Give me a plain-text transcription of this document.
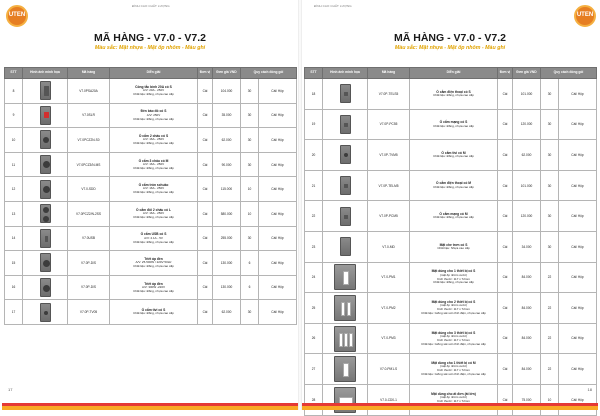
UTEN
ĐỈNH CAO CHẤT LƯỢNG
MÃ HÀNG - V7.0 - V7.2
Màu sắc: Mặt nhựa - Mặt ốp nhôm - Màu ghi
STT	Hình ảnh minh họa	Mã hàng	Diễn giải	Đơn vị	Đơn giá VND	Quy cách đóng gói	
8		V7.0PSA20A	Công tắc bình 20A có S
A/V: 20A - 250V
Chất liệu: Đồng, nhựa cao cấp	Cái	104.000	30	Cái/ Hộp
9		V7.0SLR	Đèn báo đỏ có S
A/V: 250V
Chất liệu: Đồng, nhựa cao cấp	Cái	35.000	30	Cái/ Hộp
10		V7.0PCZ2N-S0	Ổ cắm 2 chấu có S
A/V: 16A - 250V
Chất liệu: Đồng, nhựa cao cấp	Cái	62.000	30	Cái/ Hộp
11		V7.0PCZ3/N-MS	Ổ cắm 3 chấu có M
A/V: 16A - 250V
Chất liệu: Đồng, nhựa cao cấp	Cái	90.000	30	Cái/ Hộp
12		V7.0-SDD	Ổ cắm tròn schuko
A/V: 16A - 250V
Chất liệu: Đồng, nhựa cao cấp	Cái	115.000	10	Cái/ Hộp
13		V7.0PCZ2/N-2SS	Ổ cắm đôi 2 chấu có L
A/V: 16A - 250V
Chất liệu: Đồng, nhựa cao cấp	Cái	580.000	10	Cái/ Hộp
14		V7.0USB	Ổ cắm USB có S
A/V: 2.1A - 5V
Chất liệu: Đồng, nhựa cao cấp	Cái	255.000	30	Cái/ Hộp
15		V7.0P-D/S	Triết áp đèn
A/V: 25-500W / 220V 50Hz
Chất liệu: Đồng, nhựa cao cấp	Cái	130.000	6	Cái/ Hộp
16		V7.0P-D/S	Triết áp đèn
A/V: 300W -220V
Chất liệu: Đồng, nhựa cao cấp	Cái	130.000	6	Cái/ Hộp
17		V7.0P-TV05	Ổ cắm tivi có S
Chất liệu: Đồng, nhựa cao cấp	Cái	62.000	30	Cái/ Hộp
17
UTEN
ĐỈNH CAO CHẤT LƯỢNG
MÃ HÀNG - V7.0 - V7.2
Màu sắc: Mặt nhựa - Mặt ốp nhôm - Màu ghi
STT	Hình ảnh minh họa	Mã hàng	Diễn giải	Đơn vị	Đơn giá VND	Quy cách đóng gói	
18		V7.0P-TELS5	Ổ cắm điện thoại có S
Chất liệu: Đồng, nhựa cao cấp	Cái	101.000	30	Cái/ Hộp
19		V7.0P-PC55	Ổ cắm mạng có S
Chất liệu: Đồng, nhựa cao cấp	Cái	120.000	30	Cái/ Hộp
20		V7.0P-TVM5	Ổ cắm tivi có M
Chất liệu: Đồng, nhựa cao cấp	Cái	62.000	30	Cái/ Hộp
21		V7.0P-TELM5	Ổ cắm điện thoại có M
Chất liệu: Đồng, nhựa cao cấp	Cái	101.000	30	Cái/ Hộp
22		V7.0P-PCM5	Ổ cắm mạng có M
Chất liệu: Đồng, nhựa cao cấp	Cái	120.000	30	Cái/ Hộp
23		V7.0-MD	Mặt che trơn có S
Chất liệu: Nhựa cao cấp	Cái	34.000	30	Cái/ Hộp
24		V7.0-PM1	Mặt dùng cho 1 thiết bị có S
(mặt ốp nhôm xước)
Kích thước: 117 x 72mm
Chất liệu: Đồng, nhựa cao cấp	Cái	84.000	22	Cái/ Hộp
25		V7.0-PM2	Mặt dùng cho 2 thiết bị có S
(mặt ốp nhôm xước)
Kích thước: 117 x 72mm
Chất liệu: Giống sát sơn tĩnh điện, nhựa cao cấp	Cái	84.000	22	Cái/ Hộp
26		V7.0-PM3	Mặt dùng cho 3 thiết bị có S
(mặt ốp nhôm xước)
Kích thước: 117 x 72mm
Chất liệu: Giống sát sơn tĩnh điện, nhựa cao cấp	Cái	84.000	22	Cái/ Hộp
27		V7.0-PM1-S	Mặt dùng cho 1 thiết bị có M
(mặt ốp nhôm xước)
Kích thước: 117 x 72mm
Chất liệu: Giống sát sơn tĩnh điện, nhựa cao cấp	Cái	84.000	22	Cái/ Hộp
28		V7.0-CD0-1	Mặt dùng cho át đơn (át lớn)
(mặt ốp nhôm xước)
Kích thước: 117 x 72mm	Cái	75.000	10	Cái/ Hộp
18
